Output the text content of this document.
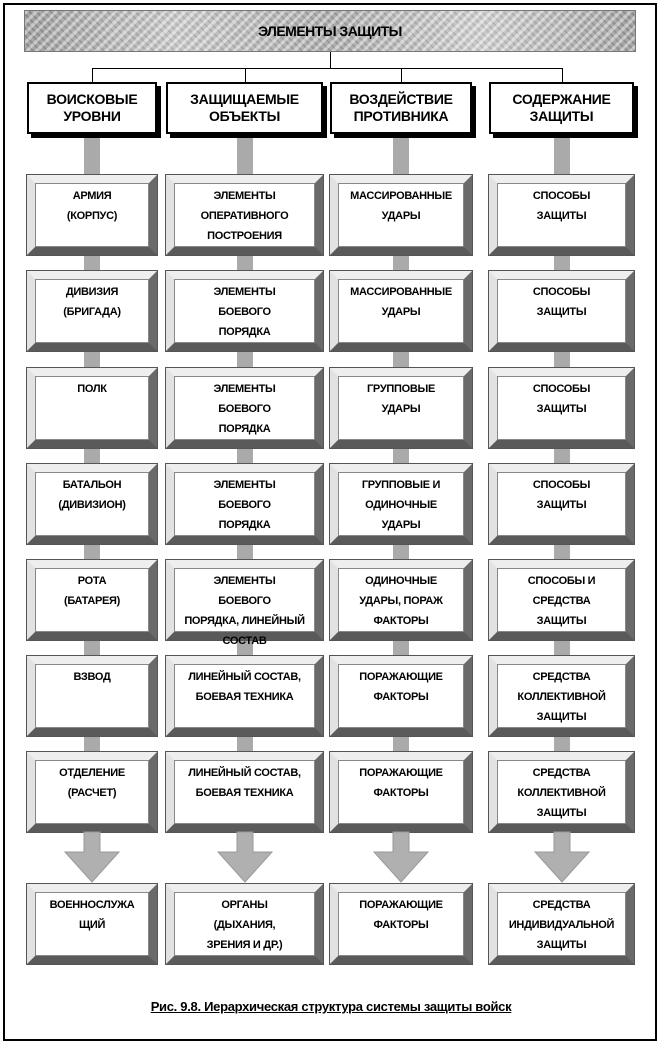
ЭЛЕМЕНТЫ ЗАЩИТЫ
ВОИСКОВЫЕ
УРОВНИ
АРМИЯ
(КОРПУС)
ДИВИЗИЯ
(БРИГАДА)
ПОЛК
БАТАЛЬОН
(ДИВИЗИОН)
РОТА
(БАТАРЕЯ)
ВЗВОД
ОТДЕЛЕНИЕ
(РАСЧЕТ)
ВОЕННОСЛУЖА
ЩИЙ
ЗАЩИЩАЕМЫЕ
ОБЪЕКТЫ
ЭЛЕМЕНТЫ
ОПЕРАТИВНОГО
ПОСТРОЕНИЯ
ЭЛЕМЕНТЫ
БОЕВОГО
ПОРЯДКА
ЭЛЕМЕНТЫ
БОЕВОГО
ПОРЯДКА
ЭЛЕМЕНТЫ
БОЕВОГО
ПОРЯДКА
ЭЛЕМЕНТЫ
БОЕВОГО
ПОРЯДКА, ЛИНЕЙНЫЙ
СОСТАВ
ЛИНЕЙНЫЙ СОСТАВ,
БОЕВАЯ ТЕХНИКА
ЛИНЕЙНЫЙ СОСТАВ,
БОЕВАЯ ТЕХНИКА
ОРГАНЫ
(ДЫХАНИЯ,
ЗРЕНИЯ И ДР.)
ВОЗДЕЙСТВИЕ
ПРОТИВНИКА
МАССИРОВАННЫЕ
УДАРЫ
МАССИРОВАННЫЕ
УДАРЫ
ГРУППОВЫЕ
УДАРЫ
ГРУППОВЫЕ И
ОДИНОЧНЫЕ
УДАРЫ
ОДИНОЧНЫЕ
УДАРЫ, ПОРАЖ
ФАКТОРЫ
ПОРАЖАЮЩИЕ
ФАКТОРЫ
ПОРАЖАЮЩИЕ
ФАКТОРЫ
ПОРАЖАЮЩИЕ
ФАКТОРЫ
СОДЕРЖАНИЕ
ЗАЩИТЫ
СПОСОБЫ
ЗАЩИТЫ
СПОСОБЫ
ЗАЩИТЫ
СПОСОБЫ
ЗАЩИТЫ
СПОСОБЫ
ЗАЩИТЫ
СПОСОБЫ И
СРЕДСТВА
ЗАЩИТЫ
СРЕДСТВА
КОЛЛЕКТИВНОЙ
ЗАЩИТЫ
СРЕДСТВА
КОЛЛЕКТИВНОЙ
ЗАЩИТЫ
СРЕДСТВА
ИНДИВИДУАЛЬНОЙ
ЗАЩИТЫ
Рис. 9.8. Иерархическая структура системы защиты войск
